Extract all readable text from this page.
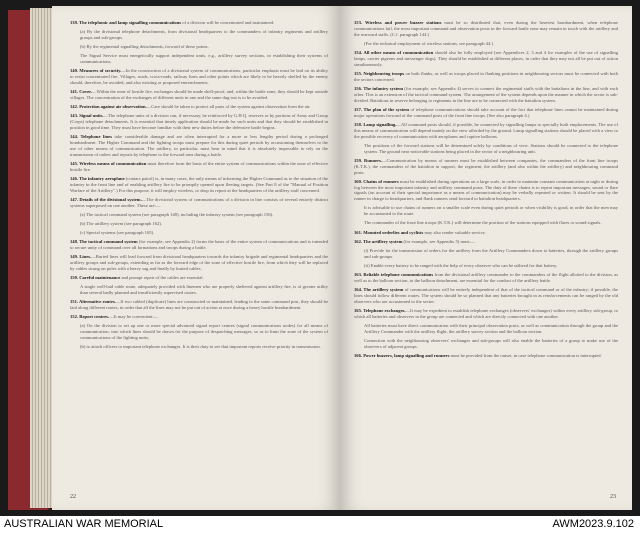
139. The telephonic and lamp signalling communications of a division will be concentrated and maintained:
(a) By the divisional telephone detachments, from divisional headquarters to the commanders of infantry regiments and artillery groups and sub-groups.
(b) By the regimental signalling detachments, forward of these points.
The Signal Service must energetically support independent units, e.g., artillery survey sections, in establishing their systems of communications.
140. Measures of security.—In the construction of a divisional system of communications, particular emphasis must be laid on its ability to resist concentrated fire. Villages, roads, cross-roads, railway lines and other points which are likely to be heavily shelled by the enemy should, therefore, be avoided, and also existing or proposed entrenchments.
141. Cover.—Within the zone of hostile fire, exchanges should be made shell-proof, and, within the battle zone, they should be kept outside villages. The concentration of the exchanges of different units in one and the same dug-out is to be avoided.
142. Protection against air observation.—Care should be taken to protect all parts of the system against observation from the air.
143. Signal units.—The telephone units of a division can, if necessary, be reinforced by G.H.Q. reserves or by portions of Army and Group (Corps) telephone detachments. It is essential that timely application should be made for such units and that they should be established in position in good time. They must have become familiar with their new duties before the defensive battle begins.
144. Telephone lines take considerable damage and are often interrupted for a more or less lengthy period during a prolonged bombardment. The Higher Command and the fighting troops must prepare for this during quiet periods by accustoming themselves to the use of other means of communication. The artillery, in particular, must bear in mind that it is absolutely impossible to rely on the transmission of orders and reports by telephone to the forward area during a battle.
145. Wireless means of communication must therefore form the basis of the entire system of communications within the zone of effective hostile fire.
146. The infantry aeroplane (contact patrol) is, in many cases, the only means of informing the Higher Command as to the situation of the infantry in the front line and of enabling artillery fire to be promptly opened upon fleeting targets. (See Part 8 of the "Manual of Position Warfare of the Artillery".) For this purpose, it will employ wireless, or drop its report at the headquarters of the artillery staff concerned.
147. Details of the divisional system.—The divisional system of communications of a division in line consists of several entirely distinct systems superposed on one another. These are:—
(a) The tactical command system (see paragraph 148), including the infantry system (see paragraph 156).
(b) The artillery system (see paragraph 162).
(c) Special systems (see paragraph 165).
148. The tactical command system (for example, see Appendix 2) forms the basis of the entire system of communications and is intended to secure unity of command over all formations and troops during a battle.
149. Lines.—Buried lines will lead forward from divisional headquarters towards the infantry brigade and regimental headquarters and the artillery groups and sub-groups, extending as far as the forward edge of the zone of effective hostile fire, from which they will be replaced by cables strung on poles with a heavy sag and finally by buried cables.
150. Careful maintenance and prompt repair of the cables are essential.
A single well-laid cable route, adequately provided with linemen who are properly sheltered against artillery fire, is of greater utility than several badly planned and insufficiently supervised routes.
151. Alternative routes.—If two cabled (duplicate) lines are constructed or maintained, leading to the same command post, they should be laid along different routes, in order that all the lines may not be put out of action at once during a heavy hostile bombardment.
152. Report centres.—It may be convenient:—
(a) On the division to set up one or more special advanced signal report centres (signal communications nodes) for all means of communication, into which lines should be drawn for the purpose of despatching messages, so as to limit the zone of the system of communications of the fighting units;
(b) to attach officers to important telephone exchanges. It is their duty to see that important reports receive priority in transmission.
22
153. Wireless and power buzzer stations must be so distributed that, even during the heaviest bombardment, when telephone communications fail, the most important command and observation posts in the forward battle zone may remain in touch with the artillery and the rearward staffs. (C.f. paragraph 144.)
(For the technical employment of wireless stations, see paragraph 44.)
154. All other means of communication should also be fully employed (see Appendices 2, 3 and 4 for examples of the use of signalling lamps, carrier pigeons and messenger dogs). They should be established at different places, in order that they may not all be put out of action simultaneously.
155. Neighbouring troops on both flanks, as well as troops placed in flanking positions in neighbouring sectors must be connected with both the sectors concerned.
156. The infantry system (for example, see Appendix 4) serves to connect the regimental staffs with the battalions in the line, and with each other. This is an extension of the tactical command system. The arrangement of the system depends upon the manner in which the sector is sub-divided. Battalions in reserve belonging to regiments in the line are to be connected with the battalion system.
157. The plan of the system of telephone communications should take account of the fact that telephone lines cannot be maintained during major operations forward of the command posts of the front line troops. (See also paragraph 4.)
158. Lamp signalling.—All command posts should, if possible, be connected by signalling lamps to specially built emplacements. The use of this means of communication will depend mainly on the view afforded by the ground. Lamp signalling stations should be placed with a view to the possible recovery of communication with aeroplanes and captive balloons.
The positions of the forward stations will be determined solely by conditions of view. Stations should be connected to the telephone system. The ground near noticeable stations being placed in the sector of a neighbouring unit.
159. Runners.—Communication by means of runners must be established between companies, the commanders of the front line troops (K.T.K.), the commanders of the battalion in support, the regiment, the artillery (and also within the artillery) and neighbouring command posts.
160. Chains of runners must be established during operations on a large scale, in order to maintain constant communication at night or during fog between the most important infantry and artillery command posts. The duty of these chains is to repeat important messages, sound or flare signals (on account of their special importance as a means of communication) may be verbally repeated or written. It should be sent by the runner in charge to headquarters, and flank runners send forward to battalion headquarters.
It is advisable to use chains of runners on a smaller scale even during quiet periods or when visibility is good, in order that the men may be accustomed to the route.
The commander of the front line troops (K.T.K.) will determine the position of the stations equipped with flares or sound signals.
161. Mounted orderlies and cyclists may also render valuable service.
162. The artillery system (for example, see Appendix 5) must:—
(i) Provide for the transmission of orders for the artillery from the Artillery Commanders down to batteries, through the artillery groups and sub-groups.
(ii) Enable every battery to be ranged with the help of every observer who can be utilized for that battery.
163. Reliable telephone communications from the divisional artillery commander to the commanders of the flight allotted to the division, as well as to the balloon section, to the balloon detachment, are essential for the conduct of the artillery battle.
164. The artillery system of communications will be entirely independent of that of the tactical command or of the infantry; if possible, the lines should follow different routes. The system should be so planned that any batteries brought in as reinforcements can be ranged by the old observers who are accustomed to the sector.
165. Telephone exchanges.—It may be expedient to establish telephone exchanges (observers' exchanges) within every artillery sub-group, to which all batteries and observers in the group are connected and which are directly connected with one another.
All batteries must have direct communication with their principal observation posts, as well as communication through the group and the Artillery Commander with the artillery flight, the artillery survey section and the balloon section.
Connection with the neighbouring observers' exchanges and sub-groups will also enable the batteries of a group to make use of the observers of adjacent groups.
166. Power buzzers, lamp signalling and runners must be provided from the outset, in case telephone communication is interrupted.
23
AUSTRALIAN WAR MEMORIAL	AWM2023.9.102
